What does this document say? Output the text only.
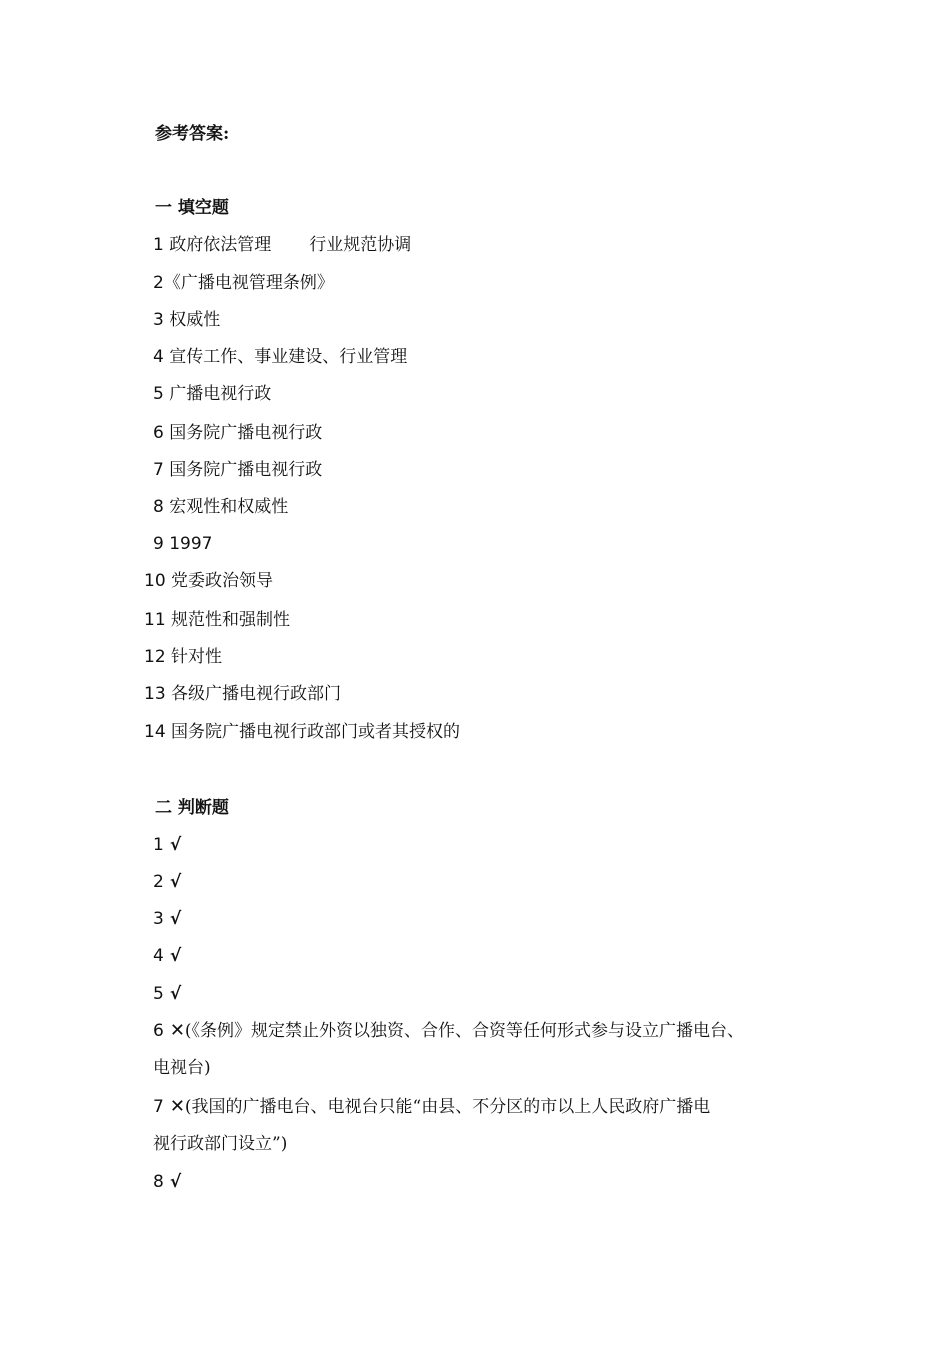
参考答案:
一 填空题
1 政府依法管理 行业规范协调
2《广播电视管理条例》
3 权威性
4 宣传工作、事业建设、行业管理
5 广播电视行政
6 国务院广播电视行政
7 国务院广播电视行政
8 宏观性和权威性
9 1997
10 党委政治领导
11 规范性和强制性
12 针对性
13 各级广播电视行政部门
14 国务院广播电视行政部门或者其授权的
二 判断题
1 √
2 √
3 √
4 √
5 √
6 ✕(《条例》规定禁止外资以独资、合作、合资等任何形式参与设立广播电台、
电视台)
7 ✕(我国的广播电台、电视台只能“由县、不分区的市以上人民政府广播电
视行政部门设立”)
8 √
